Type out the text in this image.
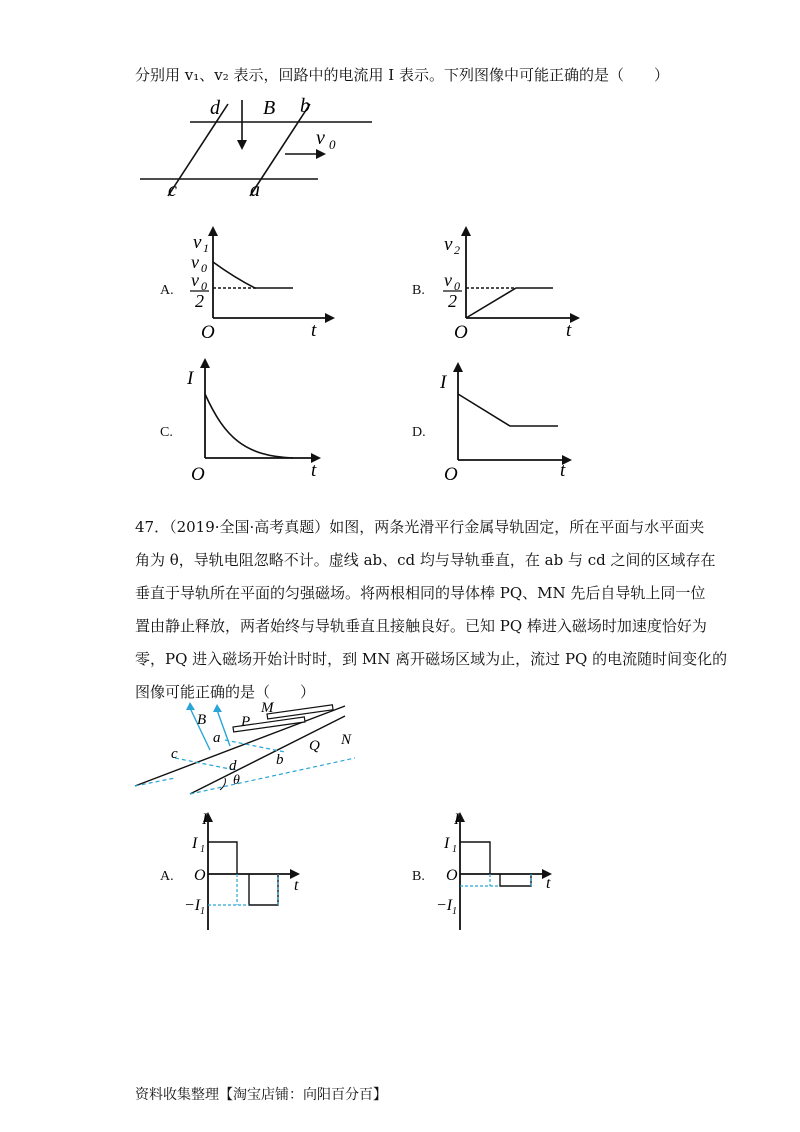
分别用 v₁、v₂ 表示，回路中的电流用 I 表示。下列图像中可能正确的是（　　）
d B b
v 0
c	a
A.
v 1
v 0
v 0
2
O	t
B.
v 2
v 0
2
O	t
C.
I
O	t
D.
I
O	t
47．（2019·全国·高考真题）如图，两条光滑平行金属导轨固定，所在平面与水平面夹
角为 θ，导轨电阻忽略不计。虚线 ab、cd 均与导轨垂直，在 ab 与 cd 之间的区域存在
垂直于导轨所在平面的匀强磁场。将两根相同的导体棒 PQ、MN 先后自导轨上同一位
置由静止释放，两者始终与导轨垂直且接触良好。已知 PQ 棒进入磁场时加速度恰好为
零，PQ 进入磁场开始计时时，到 MN 离开磁场区域为止，流过 PQ 的电流随时间变化的
图像可能正确的是（　　）
B P
M
N
Q
a
b
c
d
θ
A.
I
I 1
O
t
−I 1
B.
I
I 1
O	t
−I 1
资料收集整理【淘宝店铺：向阳百分百】
